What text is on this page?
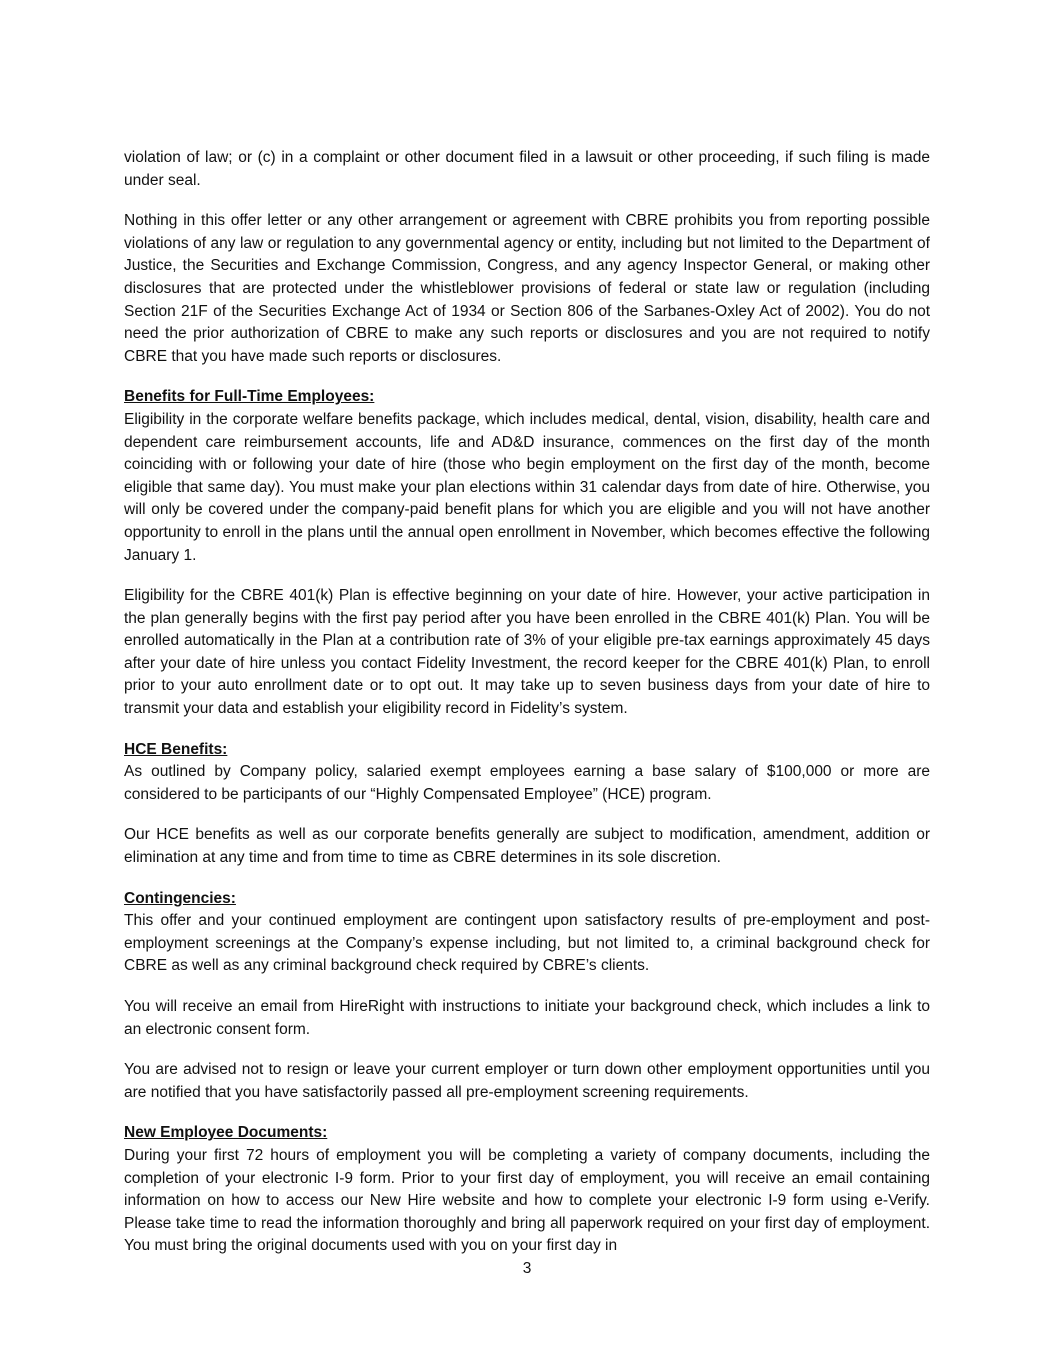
violation of law; or (c) in a complaint or other document filed in a lawsuit or other proceeding, if such filing is made under seal.

Nothing in this offer letter or any other arrangement or agreement with CBRE prohibits you from reporting possible violations of any law or regulation to any governmental agency or entity, including but not limited to the Department of Justice, the Securities and Exchange Commission, Congress, and any agency Inspector General, or making other disclosures that are protected under the whistleblower provisions of federal or state law or regulation (including Section 21F of the Securities Exchange Act of 1934 or Section 806 of the Sarbanes-Oxley Act of 2002). You do not need the prior authorization of CBRE to make any such reports or disclosures and you are not required to notify CBRE that you have made such reports or disclosures.

Benefits for Full-Time Employees:

Eligibility in the corporate welfare benefits package, which includes medical, dental, vision, disability, health care and dependent care reimbursement accounts, life and AD&D insurance, commences on the first day of the month coinciding with or following your date of hire (those who begin employment on the first day of the month, become eligible that same day). You must make your plan elections within 31 calendar days from date of hire. Otherwise, you will only be covered under the company-paid benefit plans for which you are eligible and you will not have another opportunity to enroll in the plans until the annual open enrollment in November, which becomes effective the following January 1.

Eligibility for the CBRE 401(k) Plan is effective beginning on your date of hire. However, your active participation in the plan generally begins with the first pay period after you have been enrolled in the CBRE 401(k) Plan. You will be enrolled automatically in the Plan at a contribution rate of 3% of your eligible pre-tax earnings approximately 45 days after your date of hire unless you contact Fidelity Investment, the record keeper for the CBRE 401(k) Plan, to enroll prior to your auto enrollment date or to opt out. It may take up to seven business days from your date of hire to transmit your data and establish your eligibility record in Fidelity’s system.

HCE Benefits:

As outlined by Company policy, salaried exempt employees earning a base salary of $100,000 or more are considered to be participants of our “Highly Compensated Employee” (HCE) program.

Our HCE benefits as well as our corporate benefits generally are subject to modification, amendment, addition or elimination at any time and from time to time as CBRE determines in its sole discretion.

Contingencies:

This offer and your continued employment are contingent upon satisfactory results of pre-employment and post-employment screenings at the Company’s expense including, but not limited to, a criminal background check for CBRE as well as any criminal background check required by CBRE’s clients.

You will receive an email from HireRight with instructions to initiate your background check, which includes a link to an electronic consent form.

You are advised not to resign or leave your current employer or turn down other employment opportunities until you are notified that you have satisfactorily passed all pre-employment screening requirements.

New Employee Documents:

During your first 72 hours of employment you will be completing a variety of company documents, including the completion of your electronic I-9 form. Prior to your first day of employment, you will receive an email containing information on how to access our New Hire website and how to complete your electronic I-9 form using e-Verify. Please take time to read the information thoroughly and bring all paperwork required on your first day of employment. You must bring the original documents used with you on your first day in

3
